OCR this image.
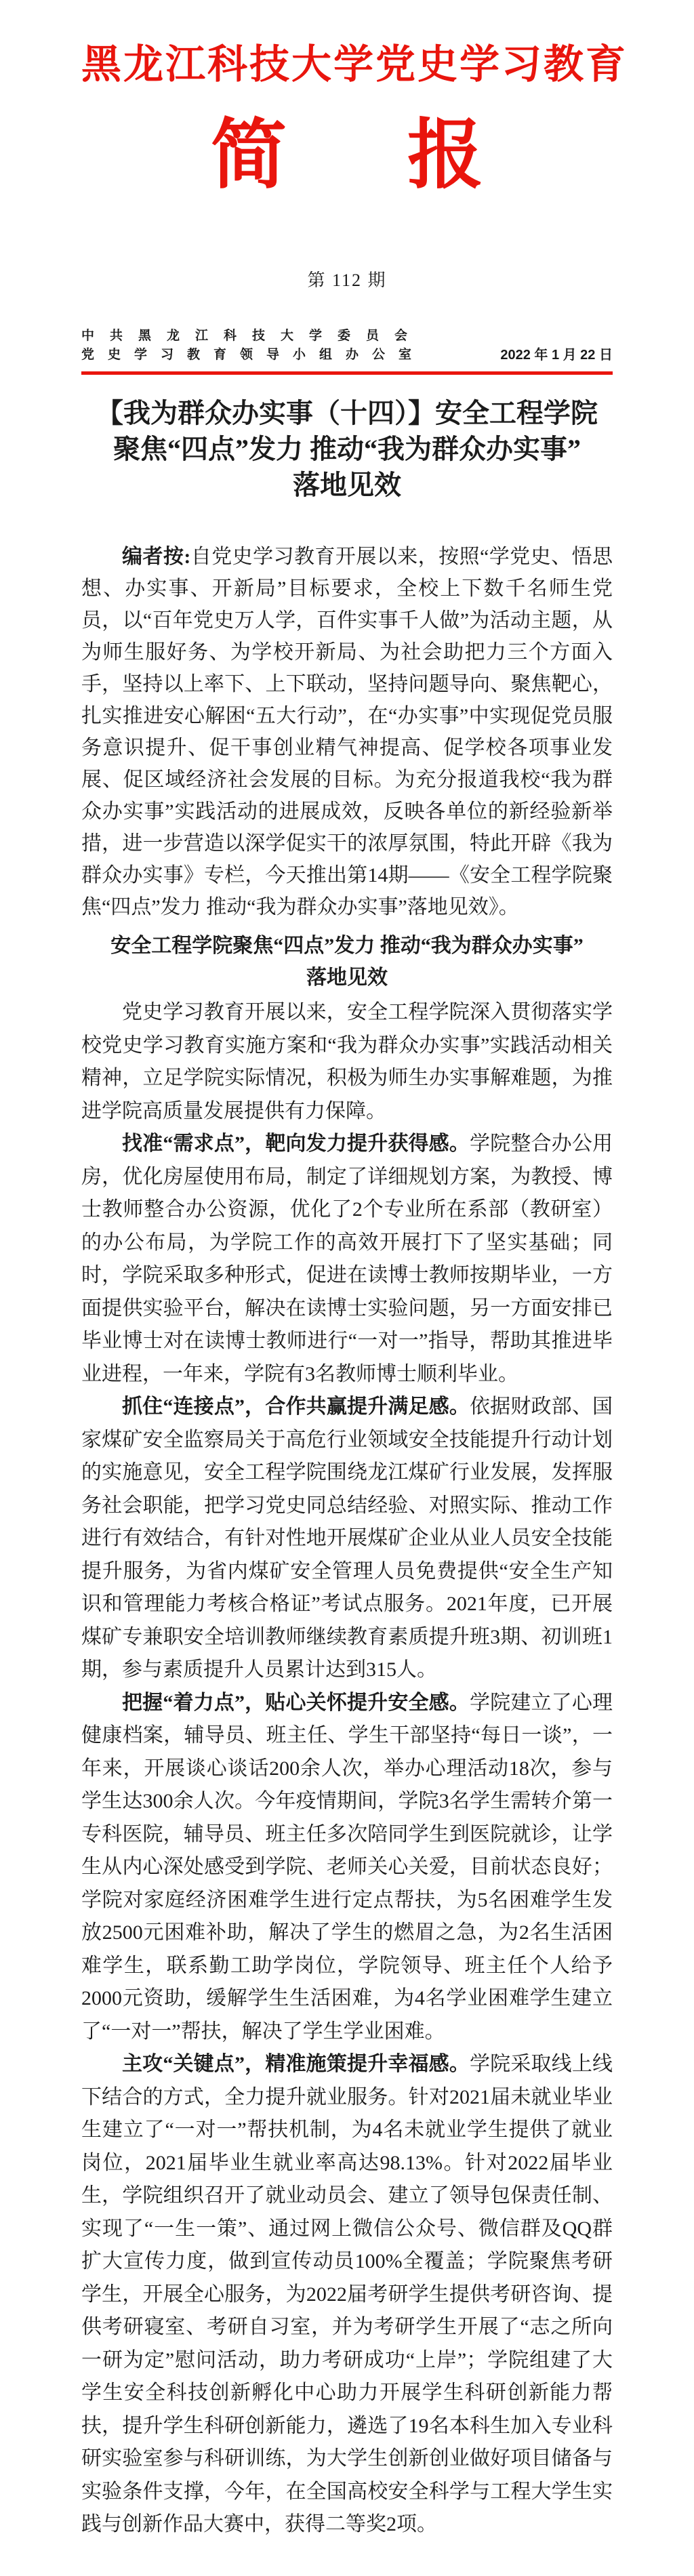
黑龙江科技大学党史学习教育
简 报
第 112 期
中共黑龙江科技大学委员会
党史学习教育领导小组办公室	2022 年 1 月 22 日
【我为群众办实事（十四）】安全工程学院
聚焦“四点”发力 推动“我为群众办实事”
落地见效

编者按:自党史学习教育开展以来，按照“学党史、悟思想、办实事、开新局”目标要求，全校上下数千名师生党员，以“百年党史万人学，百件实事千人做”为活动主题，从为师生服好务、为学校开新局、为社会助把力三个方面入手，坚持以上率下、上下联动，坚持问题导向、聚焦靶心，扎实推进安心解困“五大行动”，在“办实事”中实现促党员服务意识提升、促干事创业精气神提高、促学校各项事业发展、促区域经济社会发展的目标。为充分报道我校“我为群众办实事”实践活动的进展成效，反映各单位的新经验新举措，进一步营造以深学促实干的浓厚氛围，特此开辟《我为群众办实事》专栏，今天推出第14期——《安全工程学院聚焦“四点”发力 推动“我为群众办实事”落地见效》。

安全工程学院聚焦“四点”发力 推动“我为群众办实事”
落地见效

党史学习教育开展以来，安全工程学院深入贯彻落实学校党史学习教育实施方案和“我为群众办实事”实践活动相关精神，立足学院实际情况，积极为师生办实事解难题，为推进学院高质量发展提供有力保障。

找准“需求点”，靶向发力提升获得感。学院整合办公用房，优化房屋使用布局，制定了详细规划方案，为教授、博士教师整合办公资源，优化了2个专业所在系部（教研室）的办公布局，为学院工作的高效开展打下了坚实基础；同时，学院采取多种形式，促进在读博士教师按期毕业，一方面提供实验平台，解决在读博士实验问题，另一方面安排已毕业博士对在读博士教师进行“一对一”指导，帮助其推进毕业进程，一年来，学院有3名教师博士顺利毕业。

抓住“连接点”，合作共赢提升满足感。依据财政部、国家煤矿安全监察局关于高危行业领域安全技能提升行动计划的实施意见，安全工程学院围绕龙江煤矿行业发展，发挥服务社会职能，把学习党史同总结经验、对照实际、推动工作进行有效结合，有针对性地开展煤矿企业从业人员安全技能提升服务，为省内煤矿安全管理人员免费提供“安全生产知识和管理能力考核合格证”考试点服务。2021年度，已开展煤矿专兼职安全培训教师继续教育素质提升班3期、初训班1期，参与素质提升人员累计达到315人。

把握“着力点”，贴心关怀提升安全感。学院建立了心理健康档案，辅导员、班主任、学生干部坚持“每日一谈”，一年来，开展谈心谈话200余人次，举办心理活动18次，参与学生达300余人次。今年疫情期间，学院3名学生需转介第一专科医院，辅导员、班主任多次陪同学生到医院就诊，让学生从内心深处感受到学院、老师关心关爱，目前状态良好；学院对家庭经济困难学生进行定点帮扶，为5名困难学生发放2500元困难补助，解决了学生的燃眉之急，为2名生活困难学生，联系勤工助学岗位，学院领导、班主任个人给予2000元资助，缓解学生生活困难，为4名学业困难学生建立了“一对一”帮扶，解决了学生学业困难。

主攻“关键点”，精准施策提升幸福感。学院采取线上线下结合的方式，全力提升就业服务。针对2021届未就业毕业生建立了“一对一”帮扶机制，为4名未就业学生提供了就业岗位，2021届毕业生就业率高达98.13%。针对2022届毕业生，学院组织召开了就业动员会、建立了领导包保责任制、实现了“一生一策”、通过网上微信公众号、微信群及QQ群扩大宣传力度，做到宣传动员100%全覆盖；学院聚焦考研学生，开展全心服务，为2022届考研学生提供考研咨询、提供考研寝室、考研自习室，并为考研学生开展了“志之所向 一研为定”慰问活动，助力考研成功“上岸”；学院组建了大学生安全科技创新孵化中心助力开展学生科研创新能力帮扶，提升学生科研创新能力，遴选了19名本科生加入专业科研实验室参与科研训练，为大学生创新创业做好项目储备与实验条件支撑，今年，在全国高校安全科学与工程大学生实践与创新作品大赛中，获得二等奖2项。
